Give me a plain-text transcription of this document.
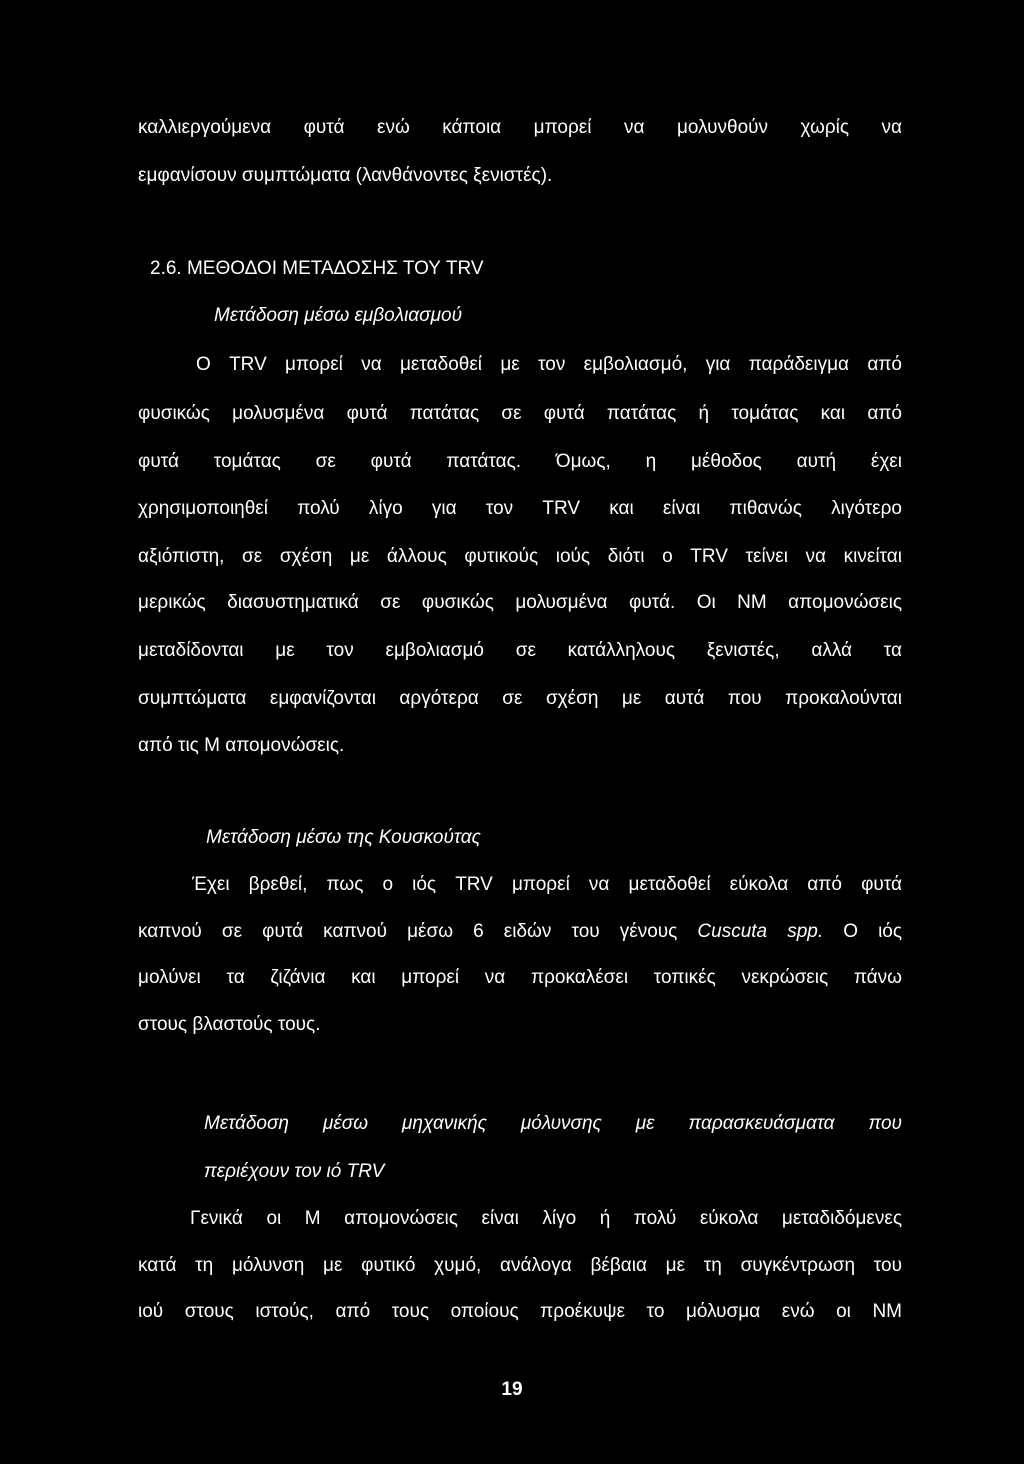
καλλιεργούμενα φυτά ενώ κάποια μπορεί να μολυνθούν χωρίς να
εμφανίσουν συμπτώματα (λανθάνοντες ξενιστές).
2.6. ΜΕΘΟΔΟΙ ΜΕΤΑΔΟΣΗΣ ΤΟΥ TRV
Μετάδοση μέσω εμβολιασμού
Ο TRV μπορεί να μεταδοθεί με τον εμβολιασμό, για παράδειγμα από
φυσικώς μολυσμένα φυτά πατάτας σε φυτά πατάτας ή τομάτας και από
φυτά τομάτας σε φυτά πατάτας. Όμως, η μέθοδος αυτή έχει
χρησιμοποιηθεί πολύ λίγο για τον TRV και είναι πιθανώς λιγότερο
αξιόπιστη, σε σχέση με άλλους φυτικούς ιούς διότι ο TRV τείνει να κινείται
μερικώς διασυστηματικά σε φυσικώς μολυσμένα φυτά. Οι ΝΜ απομονώσεις
μεταδίδονται με τον εμβολιασμό σε κατάλληλους ξενιστές, αλλά τα
συμπτώματα εμφανίζονται αργότερα σε σχέση με αυτά που προκαλούνται
από τις Μ απομονώσεις.
Μετάδοση μέσω της Κουσκούτας
Έχει βρεθεί, πως ο ιός TRV μπορεί να μεταδοθεί εύκολα από φυτά
καπνού σε φυτά καπνού μέσω 6 ειδών του γένους Cuscuta spp. Ο ιός
μολύνει τα ζιζάνια και μπορεί να προκαλέσει τοπικές νεκρώσεις πάνω
στους βλαστούς τους.
Μετάδοση μέσω μηχανικής μόλυνσης με παρασκευάσματα που
περιέχουν τον ιό TRV
Γενικά οι Μ απομονώσεις είναι λίγο ή πολύ εύκολα μεταδιδόμενες
κατά τη μόλυνση με φυτικό χυμό, ανάλογα βέβαια με τη συγκέντρωση του
ιού στους ιστούς, από τους οποίους προέκυψε το μόλυσμα ενώ οι ΝΜ
19
